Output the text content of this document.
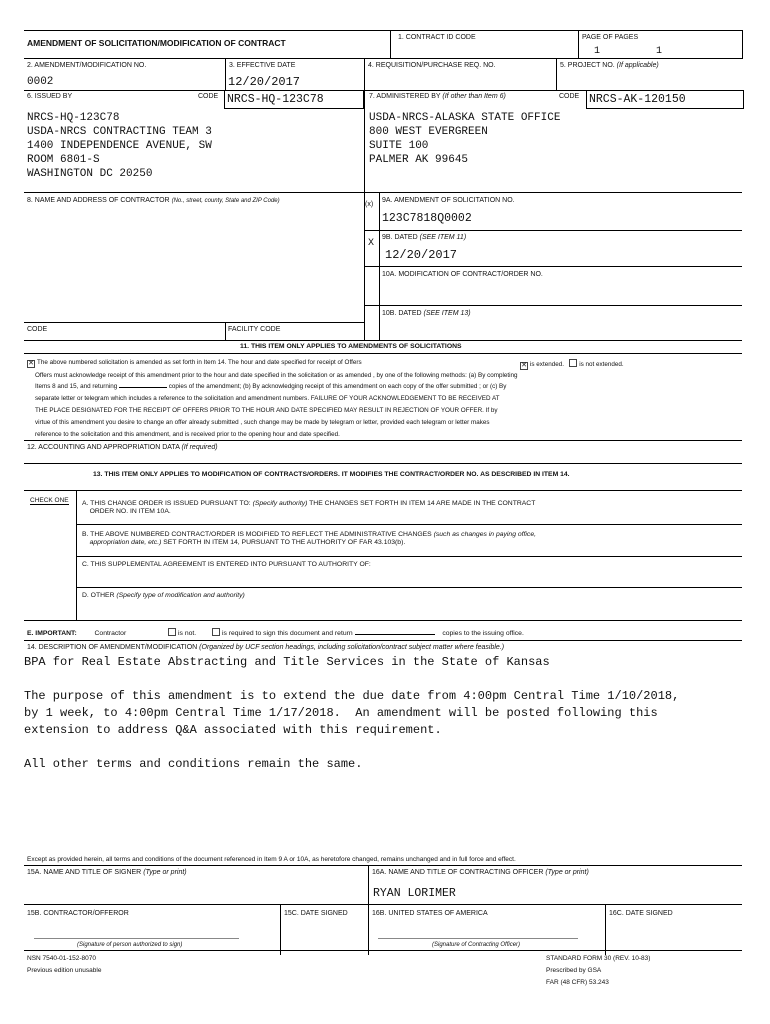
AMENDMENT OF SOLICITATION/MODIFICATION OF CONTRACT
1. CONTRACT ID CODE	PAGE OF PAGES
1	1
2. AMENDMENT/MODIFICATION NO.
0002
3. EFFECTIVE DATE
12/20/2017
4. REQUISITION/PURCHASE REQ. NO.	5. PROJECT NO. (If applicable)
6. ISSUED BY	CODE NRCS-HQ-123C78
NRCS-HQ-123C78
USDA-NRCS CONTRACTING TEAM 3
1400 INDEPENDENCE AVENUE, SW
ROOM 6801-S
WASHINGTON DC 20250
7. ADMINISTERED BY (If other than Item 6)	CODE NRCS-AK-120150
USDA-NRCS-ALASKA STATE OFFICE
800 WEST EVERGREEN
SUITE 100
PALMER AK 99645
8. NAME AND ADDRESS OF CONTRACTOR (No., street, county, State and ZIP Code)	(x)
9A. AMENDMENT OF SOLICITATION NO.
123C7818Q0002
X
9B. DATED (SEE ITEM 11)
12/20/2017
10A. MODIFICATION OF CONTRACT/ORDER NO.
10B. DATED (SEE ITEM 13)
CODE	FACILITY CODE
11. THIS ITEM ONLY APPLIES TO AMENDMENTS OF SOLICITATIONS
✕ The above numbered solicitation is amended as set forth in Item 14. The hour and date specified for receipt of Offers	✕ is extended. is not extended.
Offers must acknowledge receipt of this amendment prior to the hour and date specified in the solicitation or as amended , by one of the following methods: (a) By completing
Items 8 and 15, and returning	copies of the amendment; (b) By acknowledging receipt of this amendment on each copy of the offer submitted ; or (c) By
separate letter or telegram which includes a reference to the solicitation and amendment numbers. FAILURE OF YOUR ACKNOWLEDGEMENT TO BE RECEIVED AT
THE PLACE DESIGNATED FOR THE RECEIPT OF OFFERS PRIOR TO THE HOUR AND DATE SPECIFIED MAY RESULT IN REJECTION OF YOUR OFFER. If by
virtue of this amendment you desire to change an offer already submitted , such change may be made by telegram or letter, provided each telegram or letter makes
reference to the solicitation and this amendment, and is received prior to the opening hour and date specified.
12. ACCOUNTING AND APPROPRIATION DATA (If required)
13. THIS ITEM ONLY APPLIES TO MODIFICATION OF CONTRACTS/ORDERS. IT MODIFIES THE CONTRACT/ORDER NO. AS DESCRIBED IN ITEM 14.
CHECK ONE A. THIS CHANGE ORDER IS ISSUED PURSUANT TO: (Specify authority) THE CHANGES SET FORTH IN ITEM 14 ARE MADE IN THE CONTRACT
ORDER NO. IN ITEM 10A.
B. THE ABOVE NUMBERED CONTRACT/ORDER IS MODIFIED TO REFLECT THE ADMINISTRATIVE CHANGES (such as changes in paying office,
appropriation date, etc.) SET FORTH IN ITEM 14, PURSUANT TO THE AUTHORITY OF FAR 43.103(b).
C. THIS SUPPLEMENTAL AGREEMENT IS ENTERED INTO PURSUANT TO AUTHORITY OF:
D. OTHER (Specify type of modification and authority)
E. IMPORTANT:	Contractor	is not.	is required to sign this document and return	copies to the issuing office.
14. DESCRIPTION OF AMENDMENT/MODIFICATION (Organized by UCF section headings, including solicitation/contract subject matter where feasible.)
BPA for Real Estate Abstracting and Title Services in the State of Kansas

The purpose of this amendment is to extend the due date from 4:00pm Central Time 1/10/2018,
by 1 week, to 4:00pm Central Time 1/17/2018.  An amendment will be posted following this
extension to address Q&A associated with this requirement.

All other terms and conditions remain the same.
Except as provided herein, all terms and conditions of the document referenced in Item 9 A or 10A, as heretofore changed, remains unchanged and in full force and effect.
15A. NAME AND TITLE OF SIGNER (Type or print)	16A. NAME AND TITLE OF CONTRACTING OFFICER (Type or print)
RYAN LORIMER
15B. CONTRACTOR/OFFEROR	15C. DATE SIGNED	16B. UNITED STATES OF AMERICA	16C. DATE SIGNED
(Signature of person authorized to sign)	(Signature of Contracting Officer)
NSN 7540-01-152-8070
Previous edition unusable
STANDARD FORM 30 (REV. 10-83)
Prescribed by GSA
FAR (48 CFR) 53.243
